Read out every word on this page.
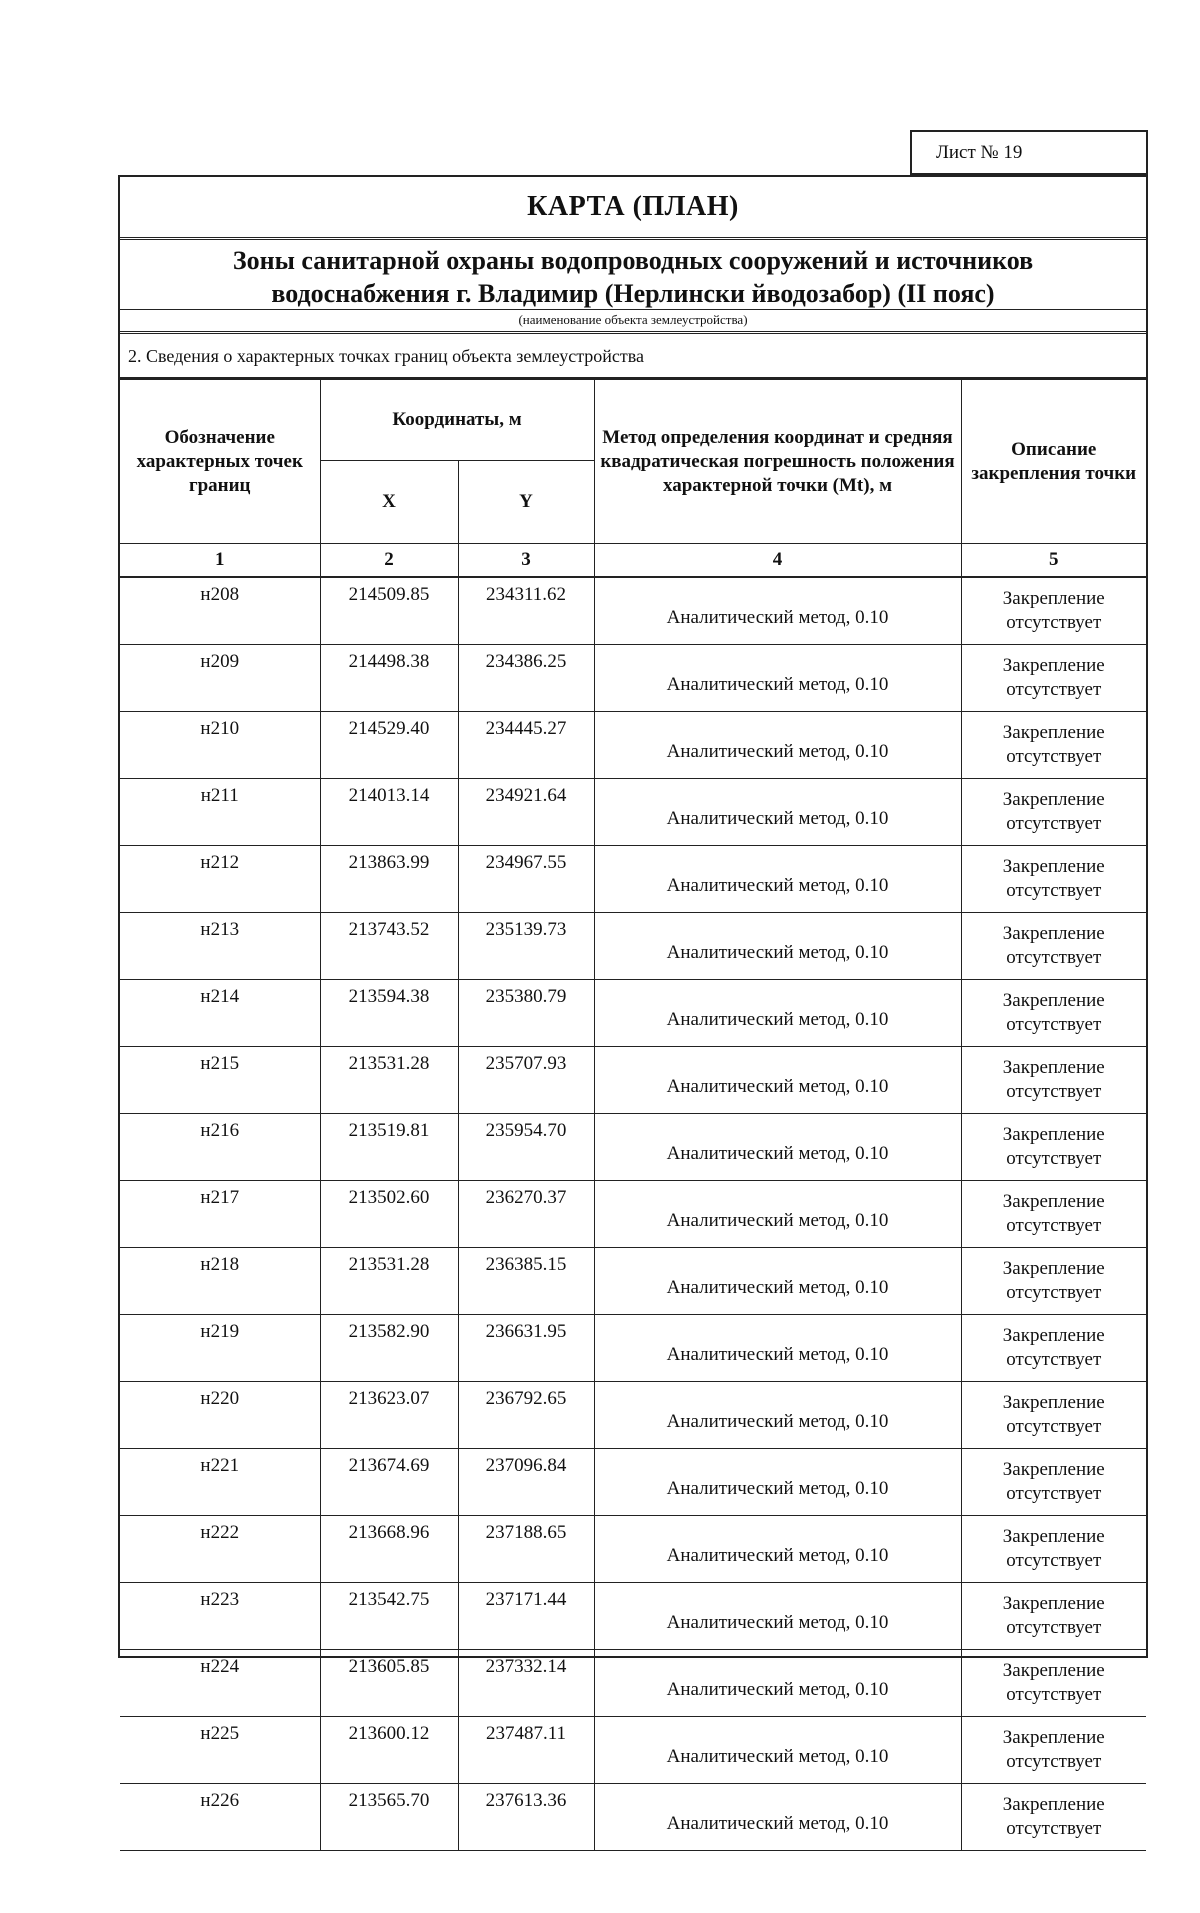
Лист № 19
КАРТА (ПЛАН)
Зоны санитарной охраны водопроводных сооружений и источников
водоснабжения г. Владимир (Нерлински йводозабор) (II пояс)
(наименование объекта землеустройства)
2. Сведения о характерных точках границ объекта землеустройства
Обозначение характерных точек границ	Координаты, м		Метод определения координат и средняя квадратическая погрешность положения характерной точки (Mt), м	Описание закрепления точки
	X	Y		
1	2	3	4	5
н208	214509.85	234311.62	Аналитический метод, 0.10	Закрепление отсутствует
н209	214498.38	234386.25	Аналитический метод, 0.10	Закрепление отсутствует
н210	214529.40	234445.27	Аналитический метод, 0.10	Закрепление отсутствует
н211	214013.14	234921.64	Аналитический метод, 0.10	Закрепление отсутствует
н212	213863.99	234967.55	Аналитический метод, 0.10	Закрепление отсутствует
н213	213743.52	235139.73	Аналитический метод, 0.10	Закрепление отсутствует
н214	213594.38	235380.79	Аналитический метод, 0.10	Закрепление отсутствует
н215	213531.28	235707.93	Аналитический метод, 0.10	Закрепление отсутствует
н216	213519.81	235954.70	Аналитический метод, 0.10	Закрепление отсутствует
н217	213502.60	236270.37	Аналитический метод, 0.10	Закрепление отсутствует
н218	213531.28	236385.15	Аналитический метод, 0.10	Закрепление отсутствует
н219	213582.90	236631.95	Аналитический метод, 0.10	Закрепление отсутствует
н220	213623.07	236792.65	Аналитический метод, 0.10	Закрепление отсутствует
н221	213674.69	237096.84	Аналитический метод, 0.10	Закрепление отсутствует
н222	213668.96	237188.65	Аналитический метод, 0.10	Закрепление отсутствует
н223	213542.75	237171.44	Аналитический метод, 0.10	Закрепление отсутствует
н224	213605.85	237332.14	Аналитический метод, 0.10	Закрепление отсутствует
н225	213600.12	237487.11	Аналитический метод, 0.10	Закрепление отсутствует
н226	213565.70	237613.36	Аналитический метод, 0.10	Закрепление отсутствует
